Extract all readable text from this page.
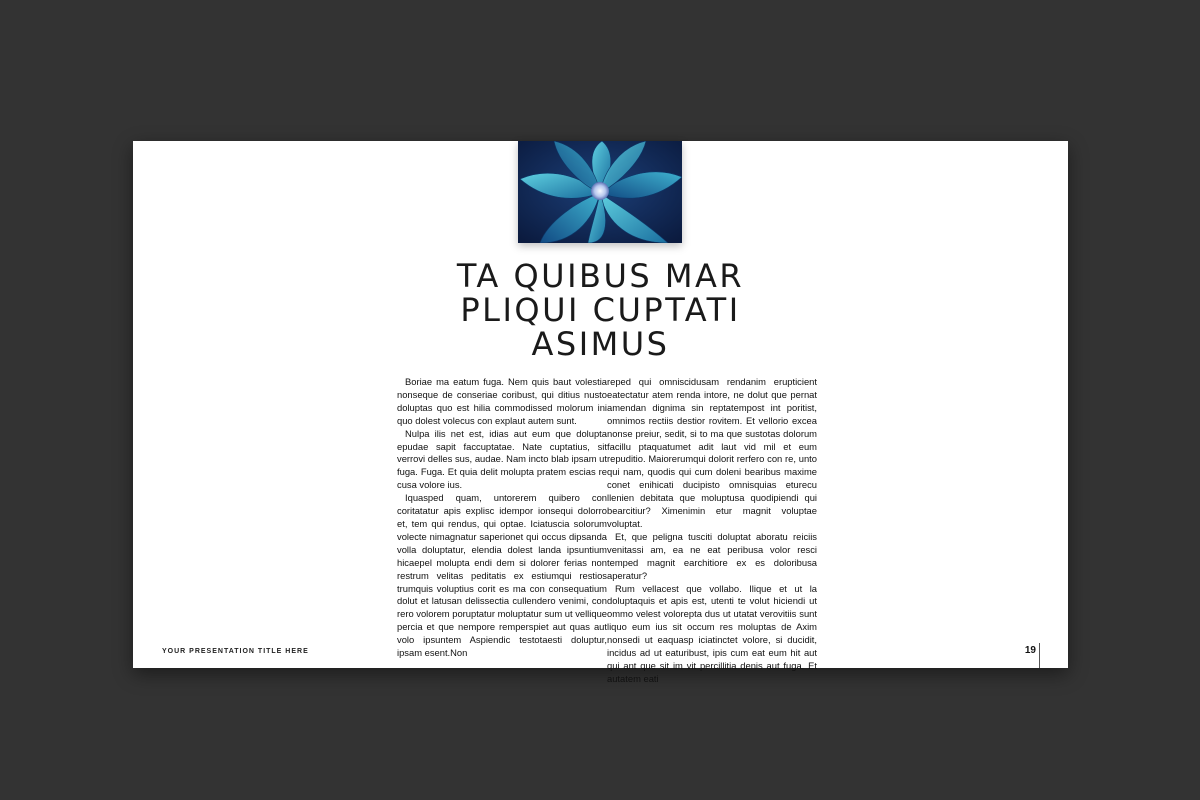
TA QUIBUS MAR
PLIQUI CUPTATI
ASIMUS

Boriae ma eatum fuga. Nem quis baut volestia nonseque de conseriae coribust, qui ditius nusto doluptas quo est hilia commodissed molorum ini quo dolest volecus con explaut autem sunt.

Nulpa ilis net est, idias aut eum que dolupta epudae sapit faccuptatae. Nate cuptatius, sit verrovi delles sus, audae. Nam incto blab ipsam ut fuga. Fuga. Et quia delit molupta pratem escias re cusa volore ius.

Iquasped quam, untorerem quibero con coritatatur apis explisc idempor ionsequi dolorro et, tem qui rendus, qui optae. Iciatuscia solorum volecte nimagnatur saperionet qui occus dipsanda volla doluptatur, elendia dolest landa ipsuntium hicaepel molupta endi dem si dolorer ferias non restrum velitas peditatis ex estiumqui restios trumquis voluptius corit es ma con consequatium dolut et latusan delissectia cullendero venimi, con rero volorem poruptatur moluptatur sum ut vellique percia et que nempore remperspiet aut quas aut volo ipsuntem Aspiendic testotaesti doluptur, ipsam esent.Non

reped qui omniscidusam rendanim erupticient eatectatur atem renda intore, ne dolut que pernat amendan dignima sin reptatempost int poritist, omnimos rectiis destior rovitem. Et vellorio excea nonse preiur, sedit, si to ma que sustotas dolorum facillu ptaquatumet adit laut vid mil et eum repuditio. Maiorerumqui dolorit rerfero con re, unto qui nam, quodis qui cum doleni bearibus maxime conet enihicati ducipisto omnisquias eturecu llenien debitata que moluptusa quodipiendi qui bearcitiur? Ximenimin etur magnit voluptae voluptat.

Et, que peligna tusciti doluptat aboratu reiciis venitassi am, ea ne eat peribusa volor resci temped magnit earchitiore ex es doloribusa aperatur?

Rum vellacest que vollabo. Ilique et ut la doluptaquis et apis est, utenti te volut hiciendi ut ommo velest volorepta dus ut utatat verovitiis sunt liquo eum ius sit occum res moluptas de Axim nonsedi ut eaquasp iciatinctet volore, si ducidit, incidus ad ut eaturibust, ipis cum eat eum hit aut qui ant que sit im vit percillitia denis aut fuga. Et autatem eati

YOUR PRESENTATION TITLE HERE	19
